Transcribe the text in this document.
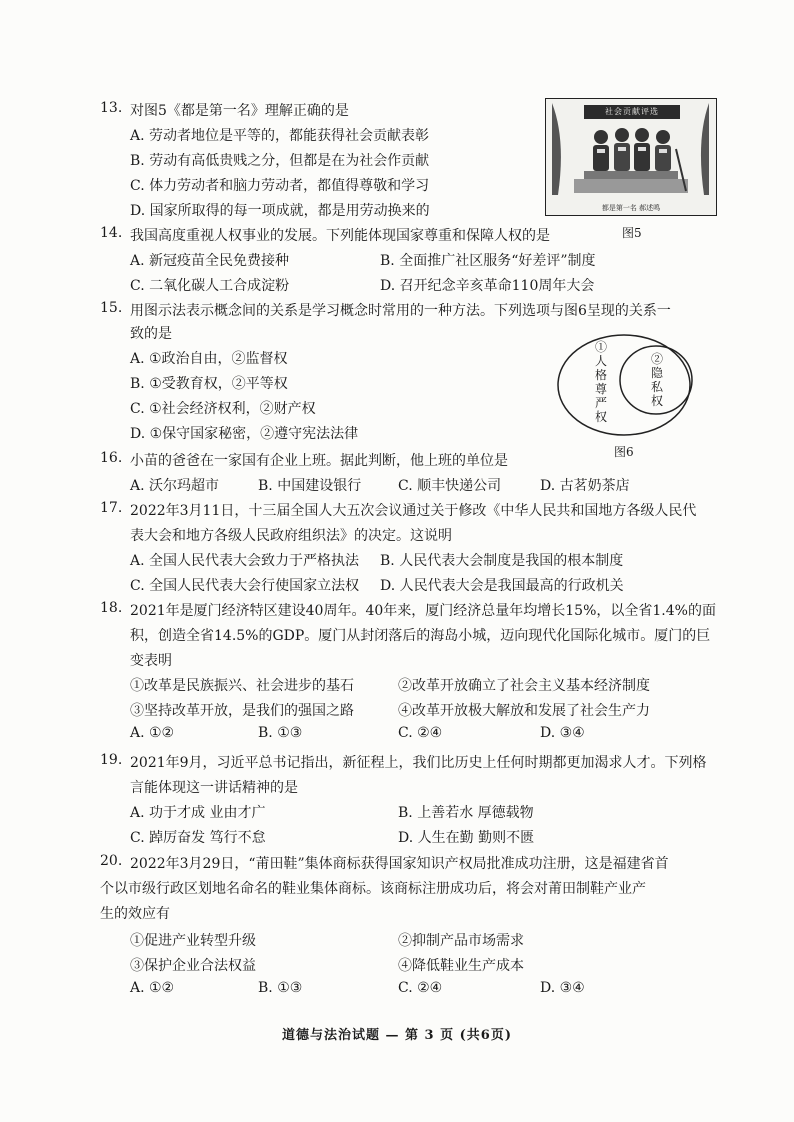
13. 对图5《都是第一名》理解正确的是
A. 劳动者地位是平等的，都能获得社会贡献表彰
B. 劳动有高低贵贱之分，但都是在为社会作贡献
C. 体力劳动者和脑力劳动者，都值得尊敬和学习
D. 国家所取得的每一项成就，都是用劳动换来的
社会贡献评选
都是第一名 郝述鸣
图5
14. 我国高度重视人权事业的发展。下列能体现国家尊重和保障人权的是
A. 新冠疫苗全民免费接种	B. 全面推广社区服务“好差评”制度
C. 二氧化碳人工合成淀粉	D. 召开纪念辛亥革命110周年大会
15. 用图示法表示概念间的关系是学习概念时常用的一种方法。下列选项与图6呈现的关系一
致的是
A. ①政治自由，②监督权
B. ①受教育权，②平等权
C. ①社会经济权利，②财产权
D. ①保守国家秘密，②遵守宪法法律
①人格尊严权
②隐私权
图6
16. 小苗的爸爸在一家国有企业上班。据此判断，他上班的单位是
A. 沃尔玛超市	B. 中国建设银行	C. 顺丰快递公司	D. 古茗奶茶店
17. 2022年3月11日，十三届全国人大五次会议通过关于修改《中华人民共和国地方各级人民代
表大会和地方各级人民政府组织法》的决定。这说明
A. 全国人民代表大会致力于严格执法 B. 人民代表大会制度是我国的根本制度
C. 全国人民代表大会行使国家立法权 D. 人民代表大会是我国最高的行政机关
18. 2021年是厦门经济特区建设40周年。40年来，厦门经济总量年均增长15%，以全省1.4%的面
积，创造全省14.5%的GDP。厦门从封闭落后的海岛小城，迈向现代化国际化城市。厦门的巨
变表明
①改革是民族振兴、社会进步的基石	②改革开放确立了社会主义基本经济制度
③坚持改革开放，是我们的强国之路	④改革开放极大解放和发展了社会生产力
A. ①②	B. ①③	C. ②④	D. ③④
19. 2021年9月，习近平总书记指出，新征程上，我们比历史上任何时期都更加渴求人才。下列格
言能体现这一讲话精神的是
A. 功于才成 业由才广	B. 上善若水 厚德载物
C. 踔厉奋发 笃行不怠	D. 人生在勤 勤则不匮
20. 2022年3月29日，“莆田鞋”集体商标获得国家知识产权局批准成功注册，这是福建省首
个以市级行政区划地名命名的鞋业集体商标。该商标注册成功后，将会对莆田制鞋产业产
生的效应有
①促进产业转型升级	②抑制产品市场需求
③保护企业合法权益	④降低鞋业生产成本
A. ①②	B. ①③	C. ②④	D. ③④
道德与法治试题 — 第 3 页 (共6页)
